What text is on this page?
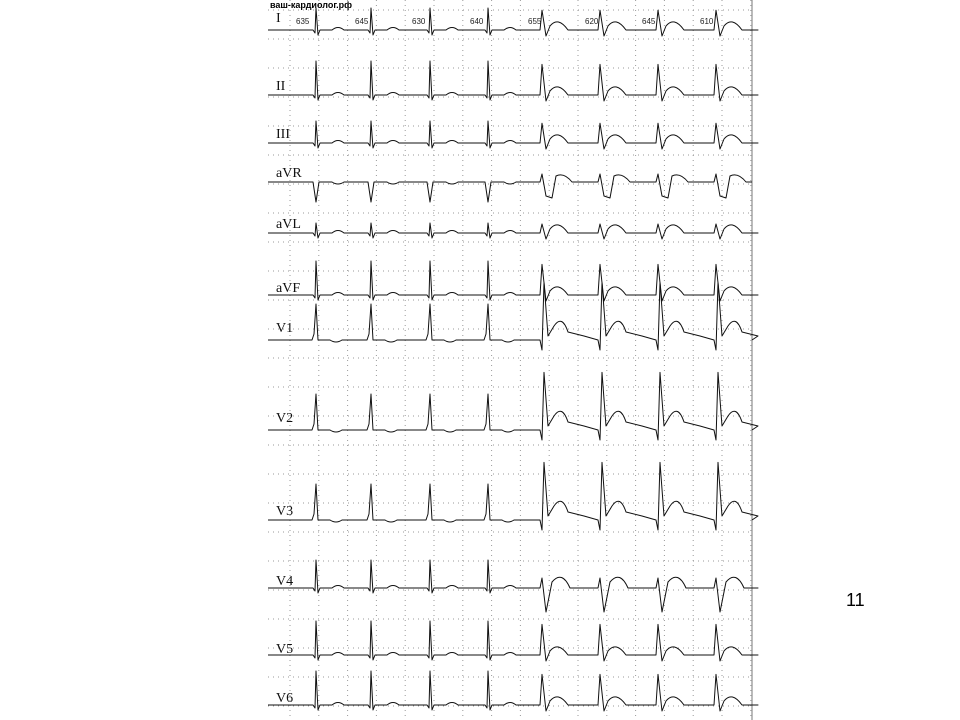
I
II
III
aVR
aVL
aVF
V1
V2
V3
V4
V5
V6
635	645	630	640	655	620	645	610
ваш-кардиолог.рф
11
